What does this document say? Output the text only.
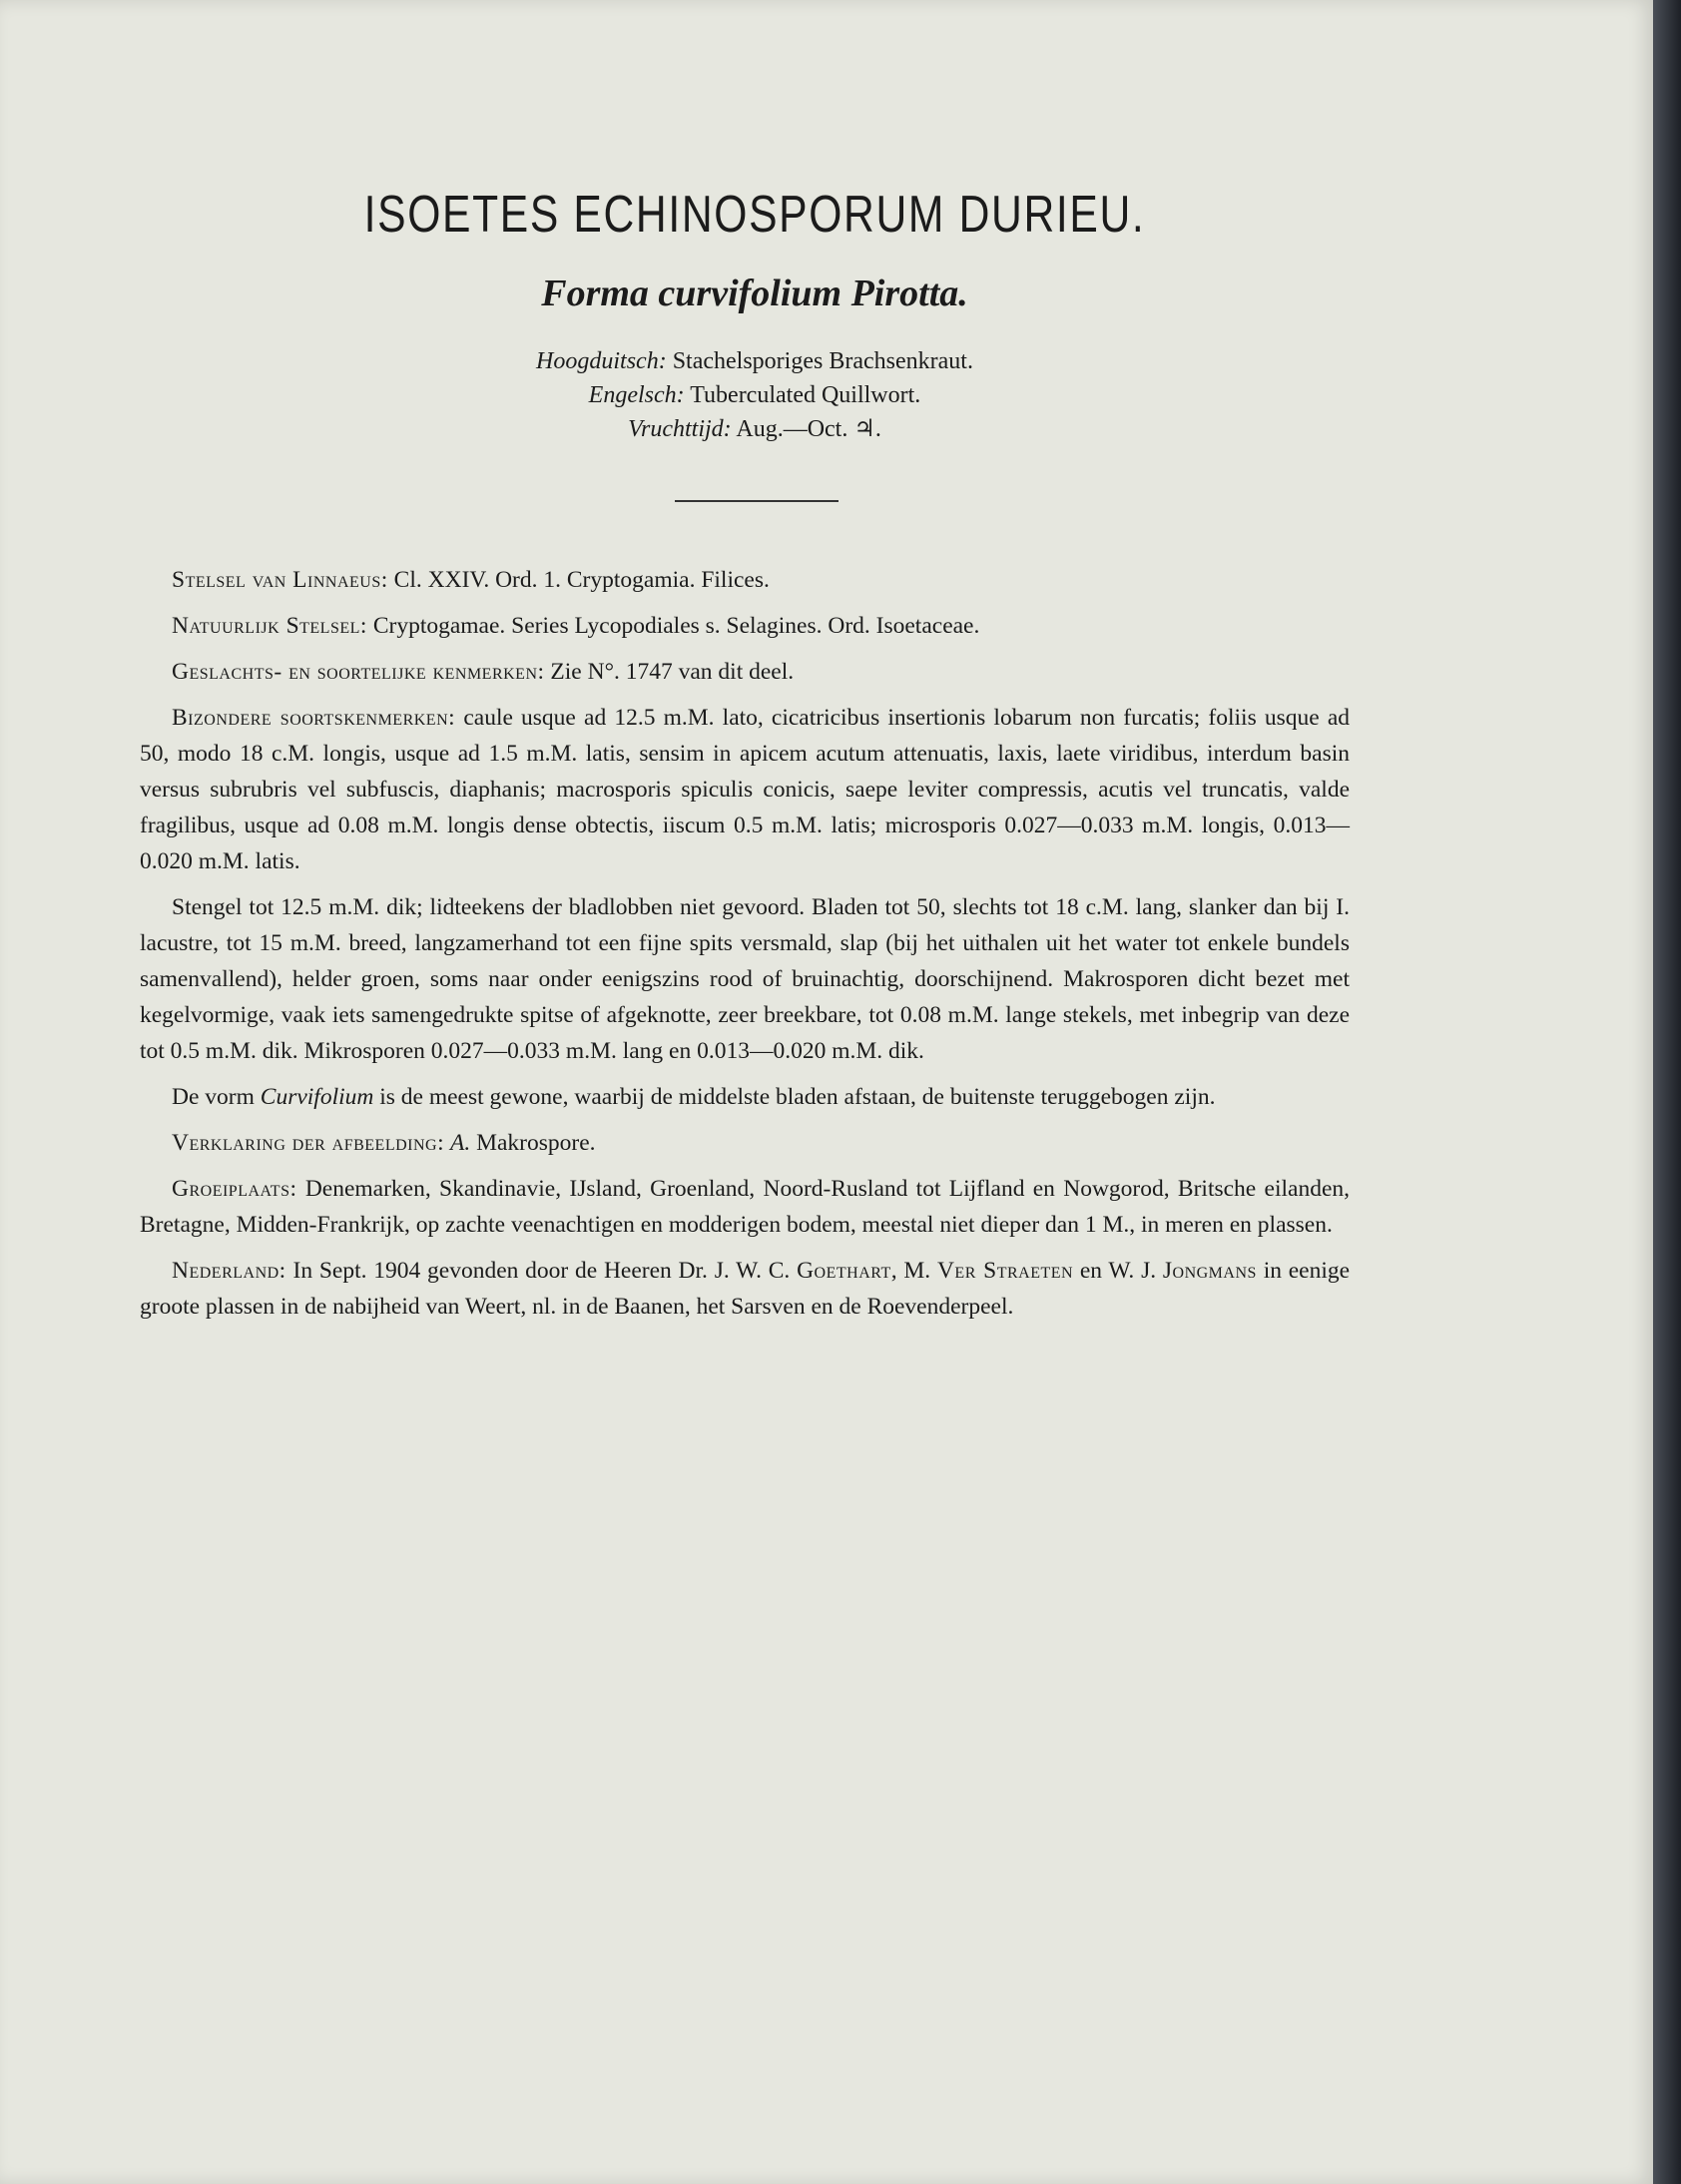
ISOETES ECHINOSPORUM DURIEU.
Forma curvifolium Pirotta.
Hoogduitsch: Stachelsporiges Brachsenkraut.
Engelsch: Tuberculated Quillwort.
Vruchttijd: Aug.—Oct. ♃.

Stelsel van Linnaeus: Cl. XXIV. Ord. 1. Cryptogamia. Filices.

Natuurlijk Stelsel: Cryptogamae. Series Lycopodiales s. Selagines. Ord. Isoetaceae.

Geslachts- en soortelijke kenmerken: Zie N°. 1747 van dit deel.

Bizondere soortskenmerken: caule usque ad 12.5 m.M. lato, cicatricibus insertionis lobarum non furcatis; foliis usque ad 50, modo 18 c.M. longis, usque ad 1.5 m.M. latis, sensim in apicem acutum attenuatis, laxis, laete viridibus, interdum basin versus subrubris vel subfuscis, diaphanis; macrosporis spiculis conicis, saepe leviter compressis, acutis vel truncatis, valde fragilibus, usque ad 0.08 m.M. longis dense obtectis, iiscum 0.5 m.M. latis; microsporis 0.027—0.033 m.M. longis, 0.013—0.020 m.M. latis.

Stengel tot 12.5 m.M. dik; lidteekens der bladlobben niet gevoord. Bladen tot 50, slechts tot 18 c.M. lang, slanker dan bij I. lacustre, tot 15 m.M. breed, langzamerhand tot een fijne spits versmald, slap (bij het uithalen uit het water tot enkele bundels samenvallend), helder groen, soms naar onder eenigszins rood of bruinachtig, doorschijnend. Makrosporen dicht bezet met kegelvormige, vaak iets samengedrukte spitse of afgeknotte, zeer breekbare, tot 0.08 m.M. lange stekels, met inbegrip van deze tot 0.5 m.M. dik. Mikrosporen 0.027—0.033 m.M. lang en 0.013—0.020 m.M. dik.

De vorm Curvifolium is de meest gewone, waarbij de middelste bladen afstaan, de buitenste teruggebogen zijn.

Verklaring der afbeelding: A. Makrospore.

Groeiplaats: Denemarken, Skandinavie, IJsland, Groenland, Noord-Rusland tot Lijfland en Nowgorod, Britsche eilanden, Bretagne, Midden-Frankrijk, op zachte veenachtigen en modderigen bodem, meestal niet dieper dan 1 M., in meren en plassen.

Nederland: In Sept. 1904 gevonden door de Heeren Dr. J. W. C. Goethart, M. Ver Straeten en W. J. Jongmans in eenige groote plassen in de nabijheid van Weert, nl. in de Baanen, het Sarsven en de Roevenderpeel.
